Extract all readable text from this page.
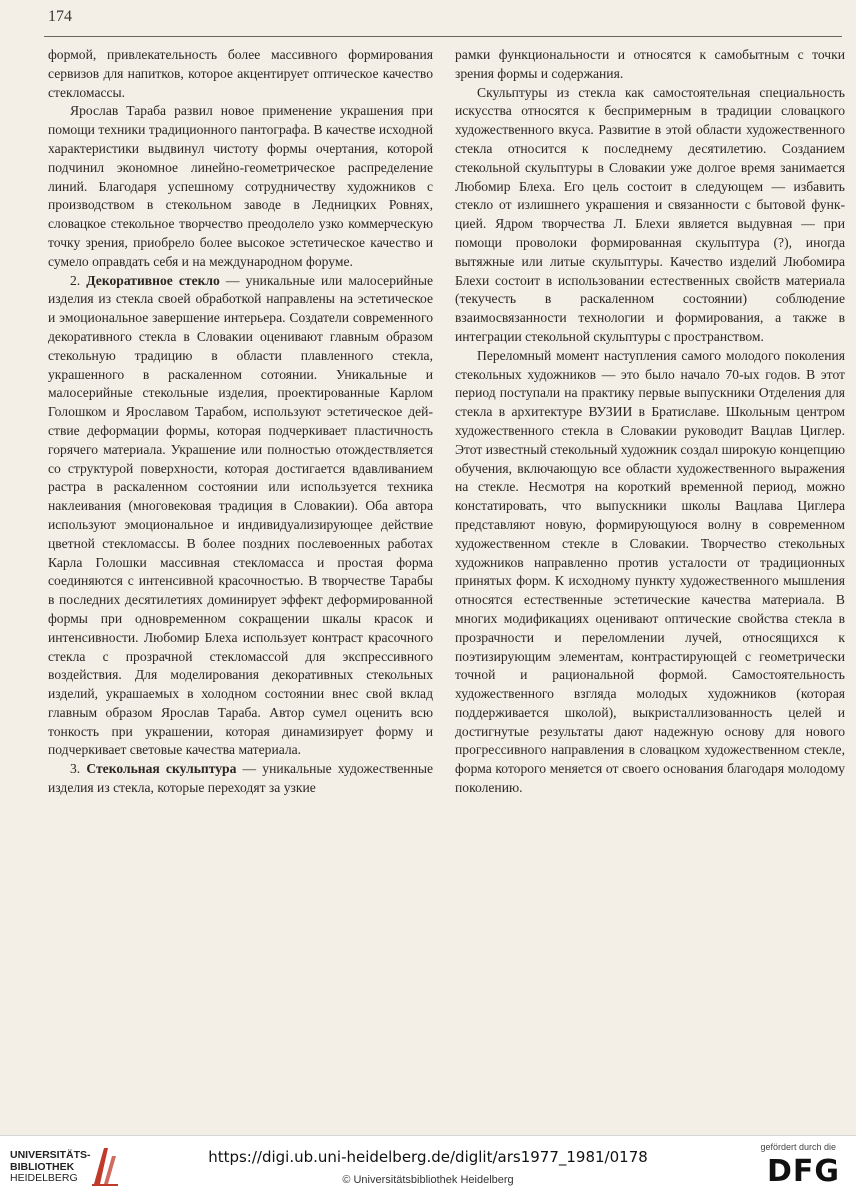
174

формой, привлекательность более массивного формирования сервизов для напитков, которое акцентирует оптическое качество стекломассы.

Ярослав Тараба развил новое применение украшения при помощи техники традиционного пантографа. В качестве исходной характеристики выдвинул чистоту формы очертания, которой подчинил экономное линейно-геометрическое распределение линий. Благодаря успешному сотрудничеству художников с производством в стекольном заводе в Ледницких Ровнях, словацкое стекольное творчество преодолело узко коммерческую точку зрения, приобрело более высокое эстетическое качество и сумело оправдать себя и на международном форуме.

2. Декоративное стекло — уникальные или малосерийные изделия из стекла своей обработкой направлены на эстетическое и эмоциональное завершение интерьера. Создатели современного декоративного стекла в Словакии оценивают главным образом стекольную традицию в области плавленного стекла, украшенного в раскаленном сотоянии. Уникальные и малосерийные стекольные изделия, проектированные Карлом Голошком и Ярославом Тарабом, используют эстетическое действие деформации формы, которая подчеркивает пластичность горячего материала. Украшение или полностью отождествляется со структурой поверхности, которая достигается вдавливанием растра в раскаленном состоянии или используется техника наклеивания (многовековая традиция в Словакии). Оба автора используют эмоциональное и индивидуализирующее действие цветной стекломассы. В более поздних послевоенных работах Карла Голошки массивная стекломасса и простая форма соединяются с интенсивной красочностью. В творчестве Тарабы в последних десятилетиях доминирует эффект деформированной формы при одновременном сокращении шкалы красок и интенсивности. Любомир Блеха использует контраст красочного стекла с прозрачной стекломассой для экспрессивного воздействия. Для моделирования декоративных стекольных изделий, украшаемых в холодном состоянии внес свой вклад главным образом Ярослав Тараба. Автор сумел оценить всю тонкость при украшении, которая динамизирует форму и подчеркивает световые качества материала.

3. Стекольная скульптура — уникальные художественные изделия из стекла, которые переходят за узкие

рамки функциональности и относятся к самобытным с точки зрения формы и содержания.

Скульптуры из стекла как самостоятельная специальность искусства относятся к беспримерным в традиции словацкого художественного вкуса. Развитие в этой области художественного стекла относится к последнему десятилетию. Созданием стекольной скульптуры в Словакии уже долгое время занимается Любомир Блеха. Его цель состоит в следующем — избавить стекло от излишнего украшения и связанности с бытовой функцией. Ядром творчества Л. Блехи является выдувная — при помощи проволоки формированная скульптура (?), иногда вытяжные или литые скульптуры. Качество изделий Любомира Блехи состоит в использовании естественных свойств материала (текучесть в раскаленном состоянии) соблюдение взаимосвязанности технологии и формирования, а также в интеграции стекольной скульптуры с пространством.

Переломный момент наступления самого молодого поколения стекольных художников — это было начало 70-ых годов. В этот период поступали на практику первые выпускники Отделения для стекла в архитектуре ВУЗИИ в Братиславе. Школьным центром художественного стекла в Словакии руководит Вацлав Циглер. Этот известный стекольный художник создал широкую концепцию обучения, включающую все области художественного выражения на стекле. Несмотря на короткий временной период, можно констатировать, что выпускники школы Вацлава Циглера представляют новую, формирующуюся волну в современном художественном стекле в Словакии. Творчество стекольных художников направленно против усталости от традиционных принятых форм. К исходному пункту художественного мышления относятся естественные эстетические качества материала. В многих модификациях оценивают оптические свойства стекла в прозрачности и переломлении лучей, относящихся к поэтизирующим элементам, контрастирующей с геометрически точной и рациональной формой. Самостоятельность художественного взгляда молодых художников (которая поддерживается школой), выкристаллизованность целей и достигнутые результаты дают надежную основу для нового прогрессивного направления в словацком художественном стекле, форма которого меняется от своего основания благодаря молодому поколению.

UNIVERSITÄTS-
BIBLIOTHEK
HEIDELBERG
https://digi.ub.uni-heidelberg.de/diglit/ars1977_1981/0178
© Universitätsbibliothek Heidelberg
gefördert durch die
DFG
